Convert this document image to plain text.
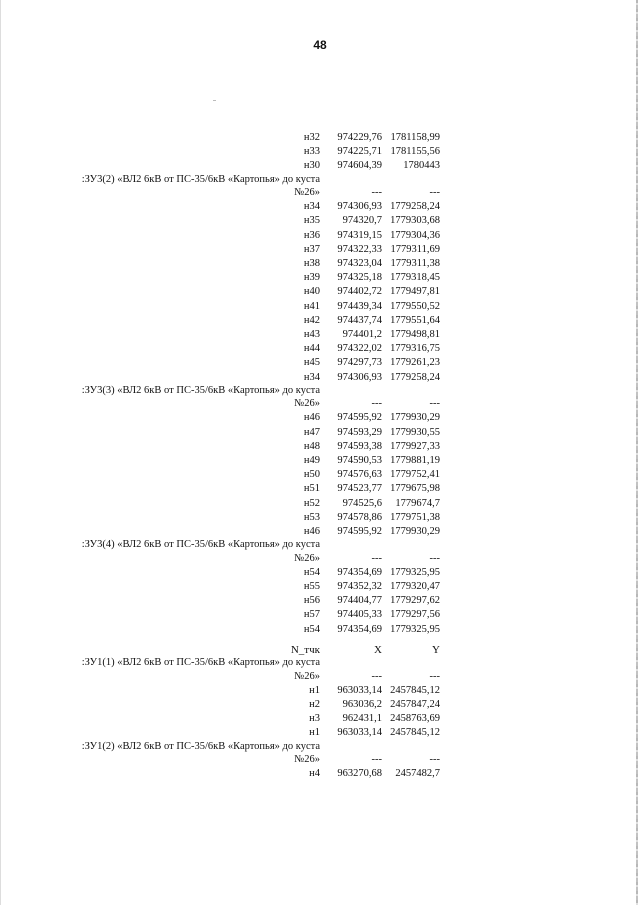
48
н32 974229,76 1781158,99
н33 974225,71 1781155,56
н30 974604,39 1780443
:ЗУ3(2) «ВЛ2 6кВ от ПС-35/6кВ «Картопья» до куста
№26»	---	---
н34 974306,93 1779258,24
н35 974320,7 1779303,68
н36 974319,15 1779304,36
н37 974322,33 1779311,69
н38 974323,04 1779311,38
н39 974325,18 1779318,45
н40 974402,72 1779497,81
н41 974439,34 1779550,52
н42 974437,74 1779551,64
н43 974401,2 1779498,81
н44 974322,02 1779316,75
н45 974297,73 1779261,23
н34 974306,93 1779258,24
:ЗУ3(3) «ВЛ2 6кВ от ПС-35/6кВ «Картопья» до куста
№26»	---	---
н46 974595,92 1779930,29
н47 974593,29 1779930,55
н48 974593,38 1779927,33
н49 974590,53 1779881,19
н50 974576,63 1779752,41
н51 974523,77 1779675,98
н52 974525,6 1779674,7
н53 974578,86 1779751,38
н46 974595,92 1779930,29
:ЗУ3(4) «ВЛ2 6кВ от ПС-35/6кВ «Картопья» до куста
№26»	---	---
н54 974354,69 1779325,95
н55 974352,32 1779320,47
н56 974404,77 1779297,62
н57 974405,33 1779297,56
н54 974354,69 1779325,95
N_тчк	X	Y
:ЗУ1(1) «ВЛ2 6кВ от ПС-35/6кВ «Картопья» до куста
№26»	---	---
н1 963033,14 2457845,12
н2 963036,2 2457847,24
н3 962431,1 2458763,69
н1 963033,14 2457845,12
:ЗУ1(2) «ВЛ2 6кВ от ПС-35/6кВ «Картопья» до куста
№26»	---	---
н4 963270,68 2457482,7
